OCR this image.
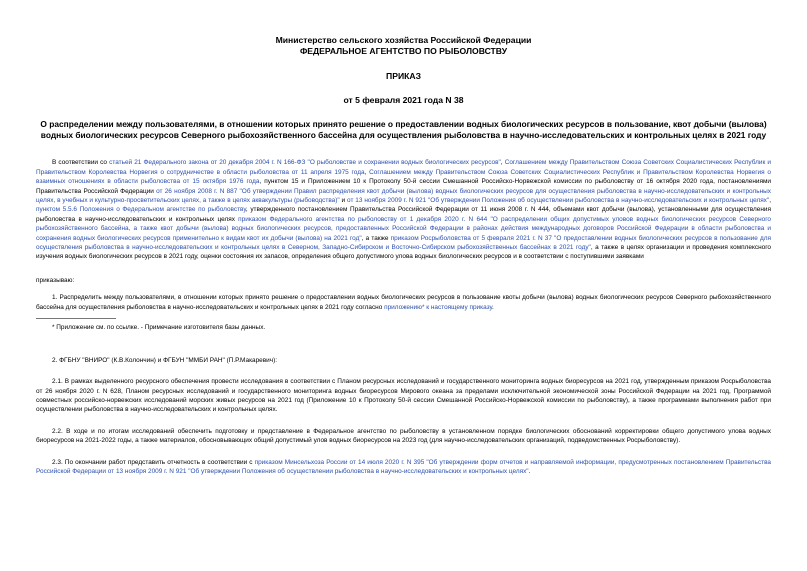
Министерство сельского хозяйства Российской Федерации
ФЕДЕРАЛЬНОЕ АГЕНТСТВО ПО РЫБОЛОВСТВУ
ПРИКАЗ
от 5 февраля 2021 года N 38
О распределении между пользователями, в отношении которых принято решение о предоставлении водных биологических ресурсов в пользование, квот добычи (вылова) водных биологических ресурсов Северного рыбохозяйственного бассейна для осуществления рыболовства в научно-исследовательских и контрольных целях в 2021 году

В соответствии со статьей 21 Федерального закона от 20 декабря 2004 г. N 166-ФЗ "О рыболовстве и сохранении водных биологических ресурсов", Соглашением между Правительством Союза Советских Социалистических Республик и Правительством Королевства Норвегия о сотрудничестве в области рыболовства от 11 апреля 1975 года, Соглашением между Правительством Союза Советских Социалистических Республик и Правительством Королевства Норвегия о взаимных отношениях в области рыболовства от 15 октября 1976 года, пунктом 15 и Приложением 10 к Протоколу 50-й сессии Смешанной Российско-Норвежской комиссии по рыболовству от 16 октября 2020 года, постановлениями Правительства Российской Федерации от 26 ноября 2008 г. N 887 "Об утверждении Правил распределения квот добычи (вылова) водных биологических ресурсов для осуществления рыболовства в научно-исследовательских и контрольных целях, в учебных и культурно-просветительских целях, а также в целях аквакультуры (рыбоводства)" и от 13 ноября 2009 г. N 921 "Об утверждении Положения об осуществлении рыболовства в научно-исследовательских и контрольных целях", пунктом 5.5.6 Положения о Федеральном агентстве по рыболовству, утвержденного постановлением Правительства Российской Федерации от 11 июня 2008 г. N 444, объемами квот добычи (вылова), установленными для осуществления рыболовства в научно-исследовательских и контрольных целях приказом Федерального агентства по рыболовству от 1 декабря 2020 г. N 644 "О распределении общих допустимых уловов водных биологических ресурсов Северного рыбохозяйственного бассейна, а также квот добычи (вылова) водных биологических ресурсов, предоставленных Российской Федерации в районах действия международных договоров Российской Федерации в области рыболовства и сохранения водных биологических ресурсов применительно к видам квот их добычи (вылова) на 2021 год", а также приказом Росрыболовства от 5 февраля 2021 г. N 37 "О предоставлении водных биологических ресурсов в пользование для осуществления рыболовства в научно-исследовательских и контрольных целях в Северном, Западно-Сибирском и Восточно-Сибирском рыбохозяйственных бассейнах в 2021 году", а также в целях организации и проведения комплексного изучения водных биологических ресурсов в 2021 году, оценки состояния их запасов, определения общего допустимого улова водных биологических ресурсов и в соответствии с поступившими заявками

приказываю:

1. Распределить между пользователями, в отношении которых принято решение о предоставлении водных биологических ресурсов в пользование квоты добычи (вылова) водных биологических ресурсов Северного рыбохозяйственного бассейна для осуществления рыболовства в научно-исследовательских и контрольных целях в 2021 году согласно приложению* к настоящему приказу.

* Приложение см. по ссылке. - Примечание изготовителя базы данных.
2. ФГБНУ "ВНИРО" (К.В.Колончин) и ФГБУН "ММБИ РАН" (П.Р.Макаревич):

2.1. В рамках выделенного ресурсного обеспечения провести исследования в соответствии с Планом ресурсных исследований и государственного мониторинга водных биоресурсов на 2021 год, утвержденным приказом Росрыболовства от 26 ноября 2020 г. N 628, Планом ресурсных исследований и государственного мониторинга водных биоресурсов Мирового океана за пределами исключительной экономической зоны Российской Федерации на 2021 год, Программой совместных российско-норвежских исследований морских живых ресурсов на 2021 год (Приложение 10 к Протоколу 50-й сессии Смешанной Российско-Норвежской комиссии по рыболовству), а также программами выполнения работ при осуществлении рыболовства в научно-исследовательских и контрольных целях.

2.2. В ходе и по итогам исследований обеспечить подготовку и представление в Федеральное агентство по рыболовству в установленном порядке биологических обоснований корректировки общего допустимого улова водных биоресурсов на 2021-2022 годы, а также материалов, обосновывающих общий допустимый улов водных биоресурсов на 2023 год (для научно-исследовательских организаций, подведомственных Росрыболовству).

2.3. По окончании работ представить отчетность в соответствии с приказом Минсельхоза России от 14 июля 2020 г. N 395 "Об утверждении форм отчетов и направляемой информации, предусмотренных постановлением Правительства Российской Федерации от 13 ноября 2009 г. N 921 "Об утверждении Положения об осуществлении рыболовства в научно-исследовательских и контрольных целях".
